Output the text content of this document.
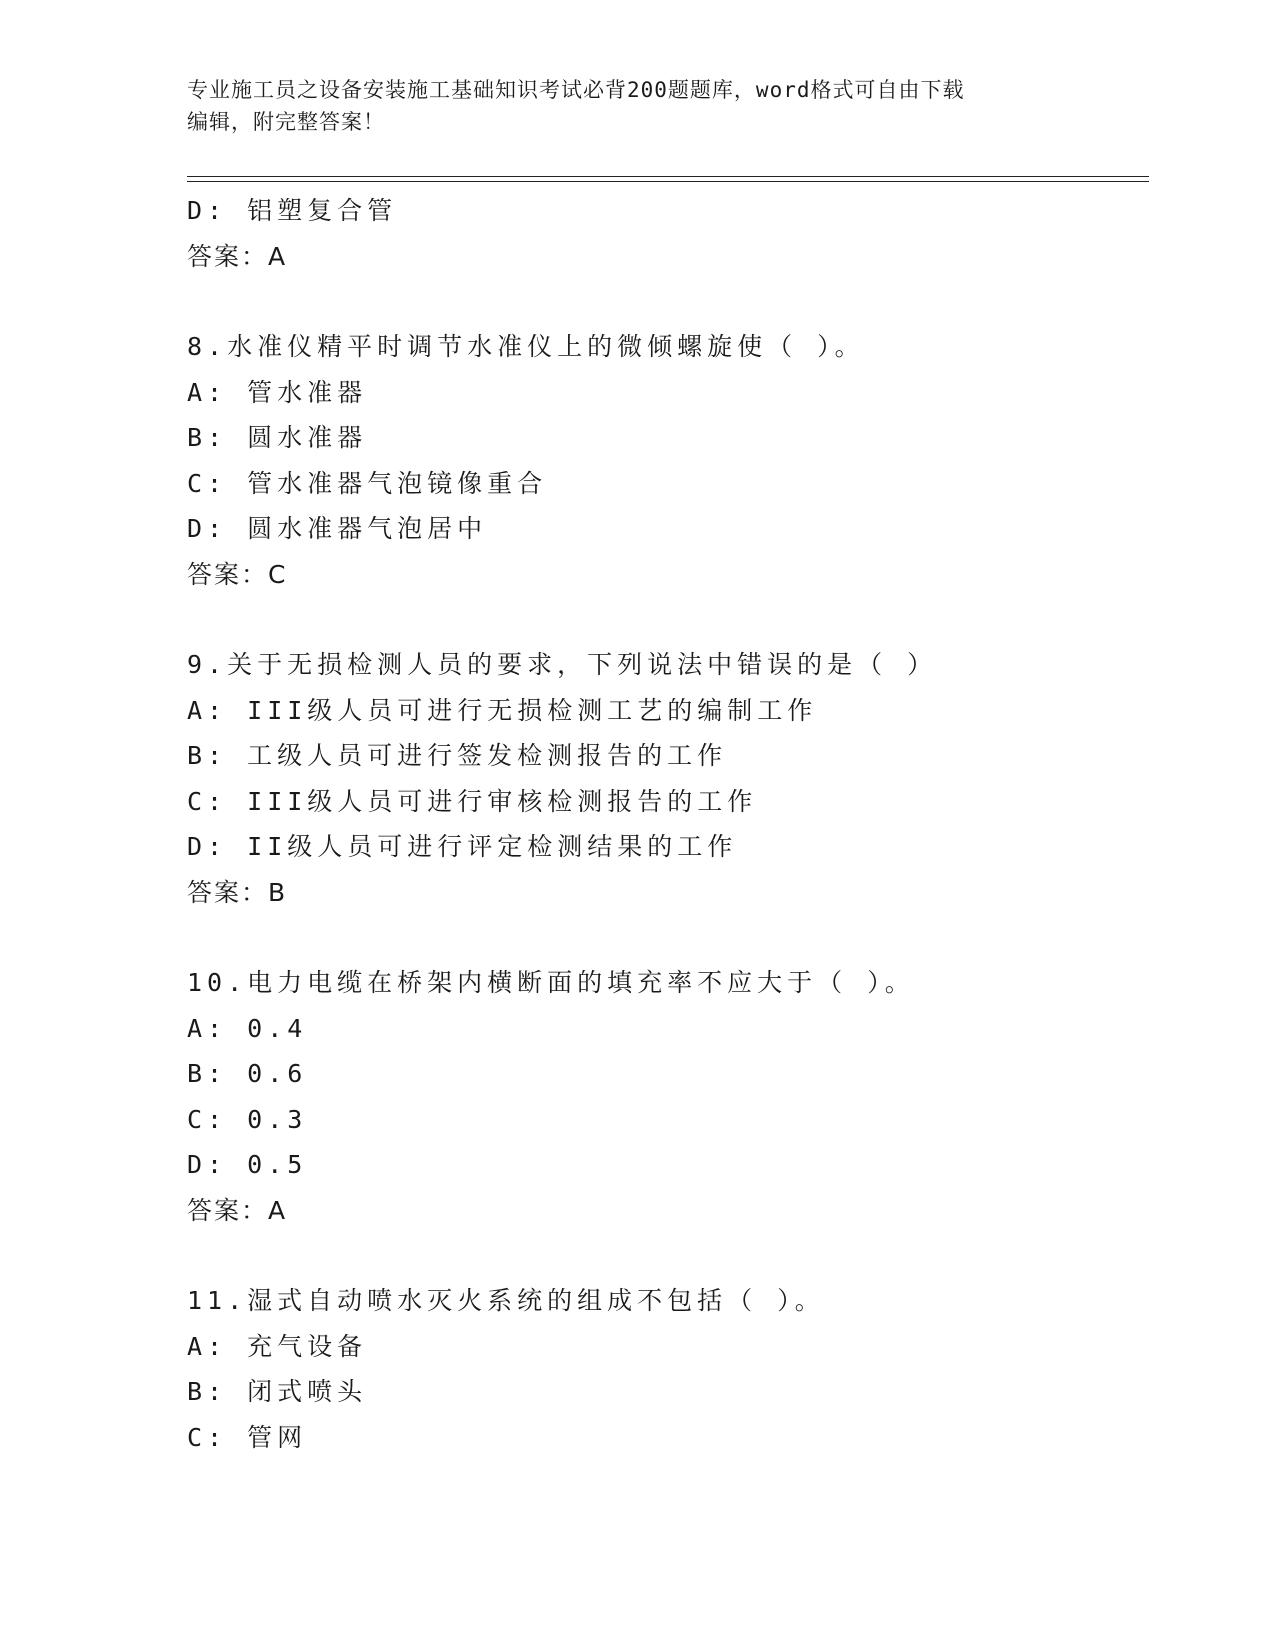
专业施工员之设备安装施工基础知识考试必背200题题库，word格式可自由下载
编辑，附完整答案！
D: 铝塑复合管
答案：A
8.水准仪精平时调节水准仪上的微倾螺旋使（ ）。
A: 管水准器
B: 圆水准器
C: 管水准器气泡镜像重合
D: 圆水准器气泡居中
答案：C
9.关于无损检测人员的要求，下列说法中错误的是（ ）
A: III级人员可进行无损检测工艺的编制工作
B: 工级人员可进行签发检测报告的工作
C: III级人员可进行审核检测报告的工作
D: II级人员可进行评定检测结果的工作
答案：B
10.电力电缆在桥架内横断面的填充率不应大于（ ）。
A: 0.4
B: 0.6
C: 0.3
D: 0.5
答案：A
11.湿式自动喷水灭火系统的组成不包括（ ）。
A: 充气设备
B: 闭式喷头
C: 管网
